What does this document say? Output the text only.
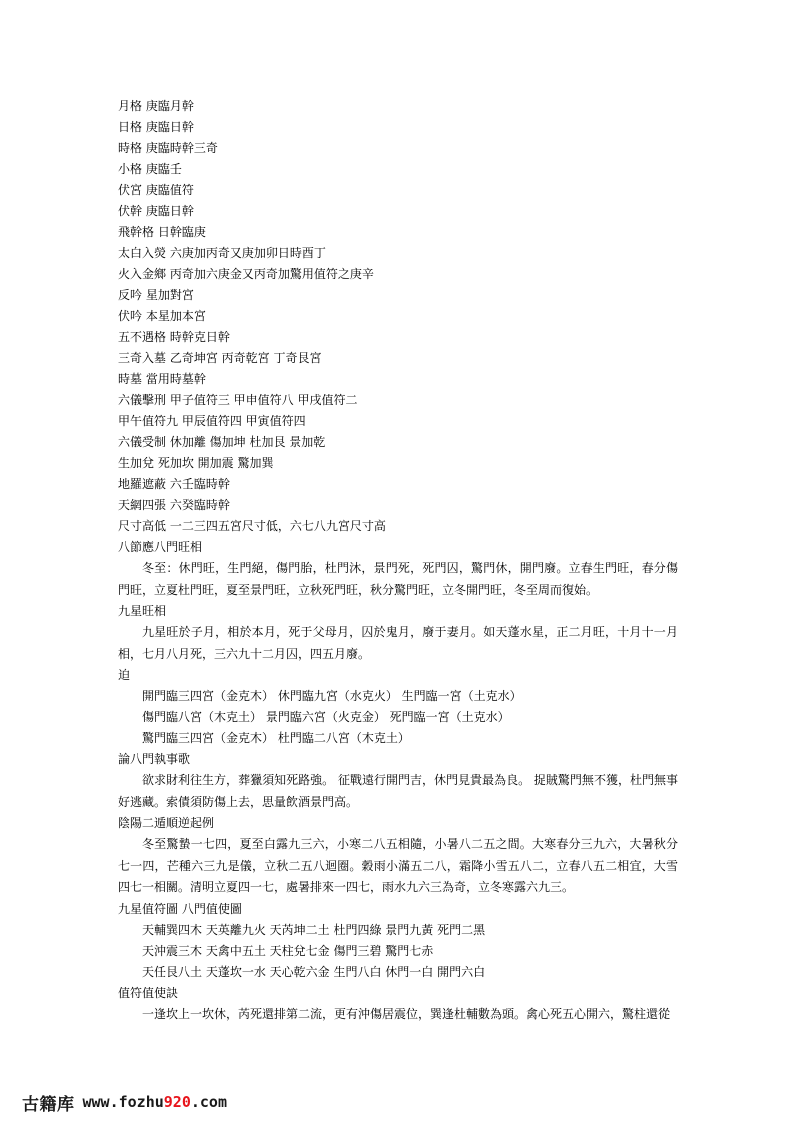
月格 庚臨月幹
日格 庚臨日幹
時格 庚臨時幹三奇
小格 庚臨壬
伏宮 庚臨值符
伏幹 庚臨日幹
飛幹格 日幹臨庚
太白入熒 六庚加丙奇又庚加卯日時酉丁
火入金鄉 丙奇加六庚金又丙奇加驚用值符之庚辛
反吟 星加對宮
伏吟 本星加本宮
五不遇格 時幹克日幹
三奇入墓 乙奇坤宮 丙奇乾宮 丁奇艮宮
時墓 當用時墓幹
六儀擊刑 甲子值符三 甲申值符八 甲戌值符二
甲午值符九 甲辰值符四 甲寅值符四
六儀受制 休加離 傷加坤 杜加艮 景加乾
生加兌 死加坎 開加震 驚加巽
地羅遮蔽 六壬臨時幹
天網四張 六癸臨時幹
尺寸高低 一二三四五宮尺寸低，六七八九宮尺寸高
八節應八門旺相
冬至：休門旺，生門絕，傷門胎，杜門沐，景門死，死門囚，驚門休，開門廢。立春生門旺，春分傷門旺，立夏杜門旺，夏至景門旺，立秋死門旺，秋分驚門旺，立冬開門旺，冬至周而復始。
九星旺相
九星旺於子月，相於本月，死于父母月，囚於鬼月，廢于妻月。如天蓬水星，正二月旺，十月十一月相，七月八月死，三六九十二月囚，四五月廢。
迫
開門臨三四宮（金克木） 休門臨九宮（水克火） 生門臨一宮（土克水）
傷門臨八宮（木克土） 景門臨六宮（火克金） 死門臨一宮（土克水）
驚門臨三四宮（金克木） 杜門臨二八宮（木克土）
論八門執事歌
欲求財利往生方，葬獵須知死路強。 征戰遠行開門吉，休門見貴最為良。 捉賊驚門無不獲，杜門無事好逃藏。索債須防傷上去，思量飲酒景門高。
陰陽二遁順逆起例
冬至驚蟄一七四，夏至白露九三六，小寒二八五相隨，小暑八二五之間。大寒春分三九六，大暑秋分七一四，芒種六三九是儀，立秋二五八迴圈。穀雨小滿五二八，霜降小雪五八二，立春八五二相宜，大雪四七一相關。清明立夏四一七，處暑排來一四七，雨水九六三為奇，立冬寒露六九三。
九星值符圖 八門值使圖
天輔巽四木 天英離九火 天芮坤二土 杜門四綠 景門九黃 死門二黑
天沖震三木 天禽中五土 天柱兌七金 傷門三碧 驚門七赤
天任艮八土 天蓬坎一水 天心乾六金 生門八白 休門一白 開門六白
值符值使訣
一逢坎上一坎休，芮死還排第二流，更有沖傷居震位，巽逢杜輔數為頭。禽心死五心開六，驚柱還從
古籍库 www.fozhu 920 .com
